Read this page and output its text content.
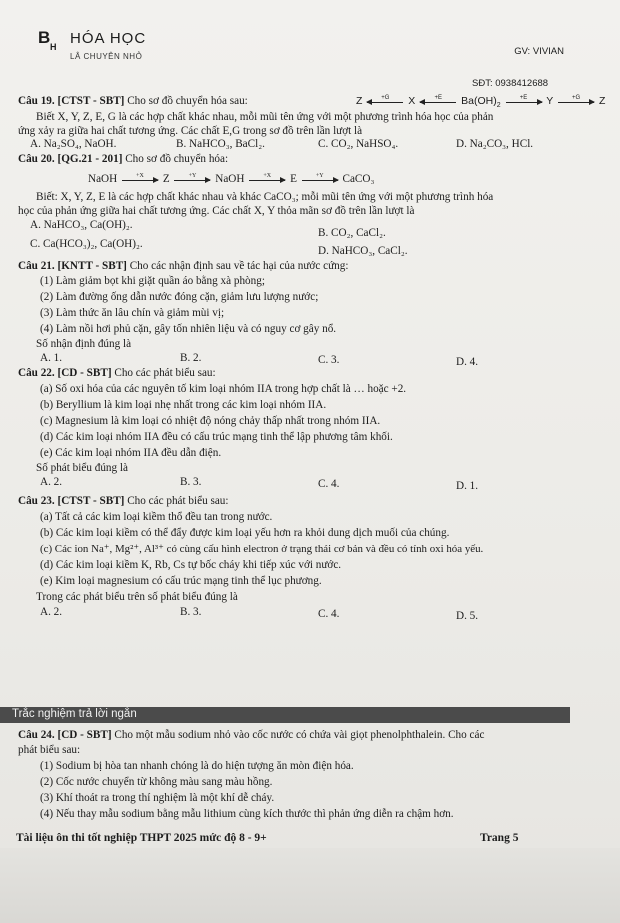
B H HÓA HỌC
LÂ CHUYÊN NHỎ	GV: VIVIAN
SĐT: 0938412688
Câu 19. [CTST - SBT] Cho sơ đồ chuyển hóa sau:	Z	+G	X	+E	$Ba(OH)_2$
+E	Y	+G	Z
Biết X, Y, Z, E, G là các hợp chất khác nhau, mỗi mũi tên ứng với một phương trình hóa học của phản
ứng xảy ra giữa hai chất tương ứng. Các chất E,G trong sơ đồ trên lần lượt là
A. Na₂SO₄, NaOH.	B. NaHCO₃, BaCl₂.	C. CO₂, NaHSO₄.	D. Na₂CO₃, HCl.
Câu 20. [QG.21 - 201] Cho sơ đồ chuyển hóa:
NaOH	+X	Z	+Y	NaOH	+X	E	+Y	CaCO₃
Biết: X, Y, Z, E là các hợp chất khác nhau và khác CaCO₃; mỗi mũi tên ứng với một phương trình hóa
học của phản ứng giữa hai chất tương ứng. Các chất X, Y thỏa mãn sơ đồ trên lần lượt là
A. NaHCO₃, Ca(OH)₂.
B. CO₂, CaCl₂.
C. Ca(HCO₃)₂, Ca(OH)₂.
D. NaHCO₃, CaCl₂.
Câu 21. [KNTT - SBT] Cho các nhận định sau về tác hại của nước cứng:
(1) Làm giảm bọt khi giặt quần áo bằng xà phòng;
(2) Làm đường ống dẫn nước đóng cặn, giảm lưu lượng nước;
(3) Làm thức ăn lâu chín và giảm mùi vị;
(4) Làm nồi hơi phủ cặn, gây tốn nhiên liệu và có nguy cơ gây nổ.
Số nhận định đúng là
A. 1.	B. 2.	C. 3.	D. 4.
Câu 22. [CD - SBT] Cho các phát biểu sau:
(a) Số oxi hóa của các nguyên tố kim loại nhóm IIA trong hợp chất là … hoặc +2.
(b) Beryllium là kim loại nhẹ nhất trong các kim loại nhóm IIA.
(c) Magnesium là kim loại có nhiệt độ nóng chảy thấp nhất trong nhóm IIA.
(d) Các kim loại nhóm IIA đều có cấu trúc mạng tinh thể lập phương tâm khối.
(e) Các kim loại nhóm IIA đều dẫn điện.
Số phát biểu đúng là
A. 2.	B. 3.	C. 4.	D. 1.
Câu 23. [CTST - SBT] Cho các phát biểu sau:
(a) Tất cả các kim loại kiềm thổ đều tan trong nước.
(b) Các kim loại kiềm có thể đẩy được kim loại yếu hơn ra khỏi dung dịch muối của chúng.
(c) Các ion Na⁺, Mg²⁺, Al³⁺ có cùng cấu hình electron ở trạng thái cơ bản và đều có tính oxi hóa yếu.
(d) Các kim loại kiềm K, Rb, Cs tự bốc cháy khi tiếp xúc với nước.
(e) Kim loại magnesium có cấu trúc mạng tinh thể lục phương.
Trong các phát biểu trên số phát biểu đúng là
A. 2.	B. 3.	C. 4.	D. 5.
Trắc nghiệm trả lời ngắn
Câu 24. [CD - SBT] Cho một mẫu sodium nhỏ vào cốc nước có chứa vài giọt phenolphthalein. Cho các
phát biểu sau:
(1) Sodium bị hòa tan nhanh chóng là do hiện tượng ăn mòn điện hóa.
(2) Cốc nước chuyển từ không màu sang màu hồng.
(3) Khí thoát ra trong thí nghiệm là một khí dễ cháy.
(4) Nếu thay mẫu sodium bằng mẫu lithium cùng kích thước thì phản ứng diễn ra chậm hơn.
Tài liệu ôn thi tốt nghiệp THPT 2025 mức độ 8 - 9+	Trang 5
